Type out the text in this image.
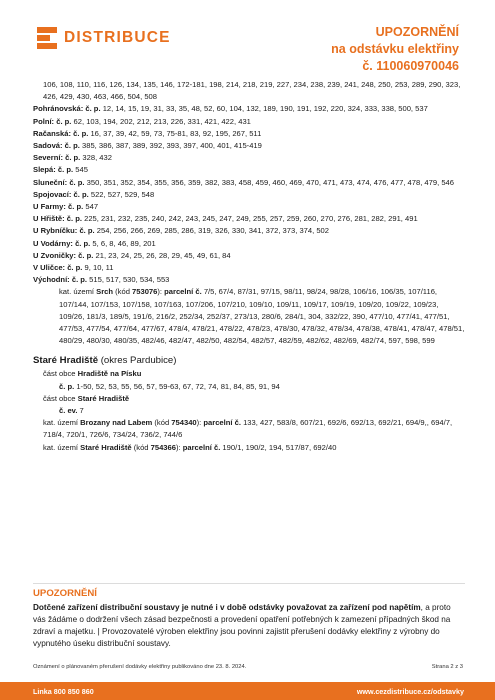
DISTRIBUCE	UPOZORNĚNÍ
na odstávku elektřiny
č. 110060970046
106, 108, 110, 116, 126, 134, 135, 146, 172-181, 198, 214, 218, 219, 227, 234, 238, 239, 241, 248, 250, 253, 289, 290, 323, 426, 429, 430, 463, 466, 504, 508
Pohránovská: č. p. 12, 14, 15, 19, 31, 33, 35, 48, 52, 60, 104, 132, 189, 190, 191, 192, 220, 324, 333, 338, 500, 537
Polní: č. p. 62, 103, 194, 202, 212, 213, 226, 331, 421, 422, 431
Račanská: č. p. 16, 37, 39, 42, 59, 73, 75-81, 83, 92, 195, 267, 511
Sadová: č. p. 385, 386, 387, 389, 392, 393, 397, 400, 401, 415-419
Severní: č. p. 328, 432
Slepá: č. p. 545
Sluneční: č. p. 350, 351, 352, 354, 355, 356, 359, 382, 383, 458, 459, 460, 469, 470, 471, 473, 474, 476, 477, 478, 479, 546
Spojovací: č. p. 522, 527, 529, 548
U Farmy: č. p. 547
U Hřiště: č. p. 225, 231, 232, 235, 240, 242, 243, 245, 247, 249, 255, 257, 259, 260, 270, 276, 281, 282, 291, 491
U Rybníčku: č. p. 254, 256, 266, 269, 285, 286, 319, 326, 330, 341, 372, 373, 374, 502
U Vodárny: č. p. 5, 6, 8, 46, 89, 201
U Zvoničky: č. p. 21, 23, 24, 25, 26, 28, 29, 45, 49, 61, 84
V Uličce: č. p. 9, 10, 11
Východní: č. p. 515, 517, 530, 534, 553
kat. území Srch (kód 753076): parcelní č. 7/5, 67/4, 87/31, 97/15, 98/11, 98/24, 98/28, 106/16, 106/35, 107/116, 107/144, 107/153, 107/158, 107/163, 107/206, 107/210, 109/10, 109/11, 109/17, 109/19, 109/20, 109/22, 109/23, 109/26, 181/3, 189/5, 191/6, 216/2, 252/34, 252/37, 273/13, 280/6, 284/1, 304, 332/22, 390, 477/10, 477/41, 477/51, 477/53, 477/54, 477/64, 477/67, 478/4, 478/21, 478/22, 478/23, 478/30, 478/32, 478/34, 478/38, 478/41, 478/47, 478/51, 480/29, 480/30, 480/35, 482/46, 482/47, 482/50, 482/54, 482/57, 482/59, 482/62, 482/69, 482/74, 597, 598, 599
Staré Hradiště (okres Pardubice)
část obce Hradiště na Písku
č. p. 1-50, 52, 53, 55, 56, 57, 59-63, 67, 72, 74, 81, 84, 85, 91, 94
část obce Staré Hradiště
č. ev. 7
kat. území Brozany nad Labem (kód 754340): parcelní č. 133, 427, 583/8, 607/21, 692/6, 692/13, 692/21, 694/9,, 694/7, 718/4, 720/1, 726/6, 734/24, 736/2, 744/6
kat. území Staré Hradiště (kód 754366): parcelní č. 190/1, 190/2, 194, 517/87, 692/40
UPOZORNĚNÍ
Dotčené zařízení distribuční soustavy je nutné i v době odstávky považovat za zařízení pod napětím, a proto vás žádáme o dodržení všech zásad bezpečnosti a provedení opatření potřebných k zamezení případných škod na zdraví a majetku. | Provozovatelé výroben elektřiny jsou povinni zajistit přerušení dodávky elektřiny z výrobny do vypnutého úseku distribuční soustavy.
Oznámení o plánovaném přerušení dodávky elektřiny publikováno dne 23. 8. 2024.	Strana 2 z 3
Linka 800 850 860	www.cezdistribuce.cz/odstavky
